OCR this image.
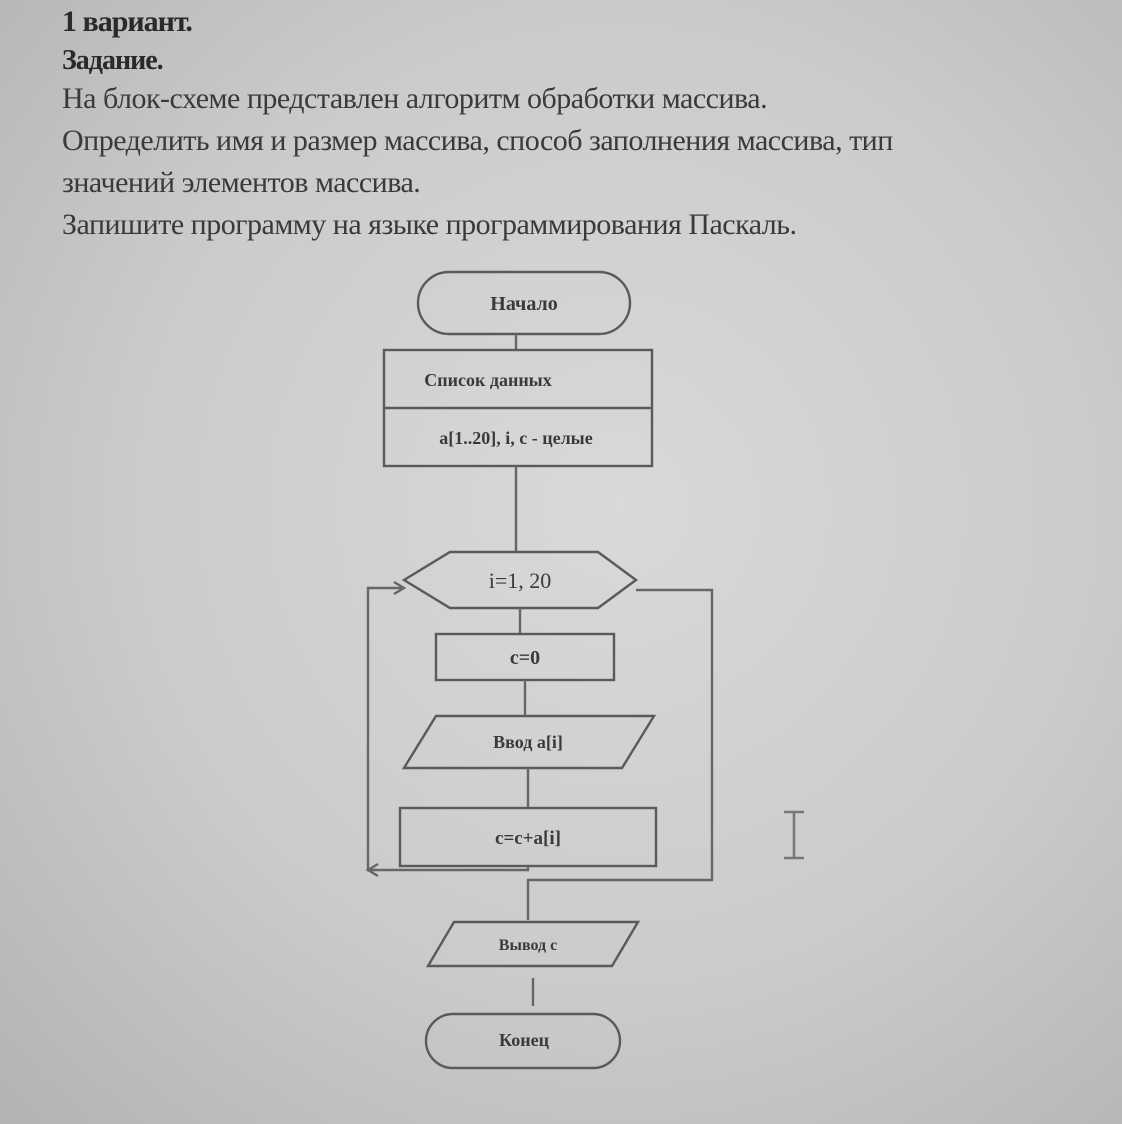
1 вариант.
Задание.
На блок-схеме представлен алгоритм обработки массива.
Определить имя и размер массива, способ заполнения массива, тип
значений элементов массива.
Запишите программу на языке программирования Паскаль.
Начало
Список данных
a[1..20], i, c - целые
i=1, 20
c=0
Ввод a[i]
c=c+a[i]
Вывод c
Конец
